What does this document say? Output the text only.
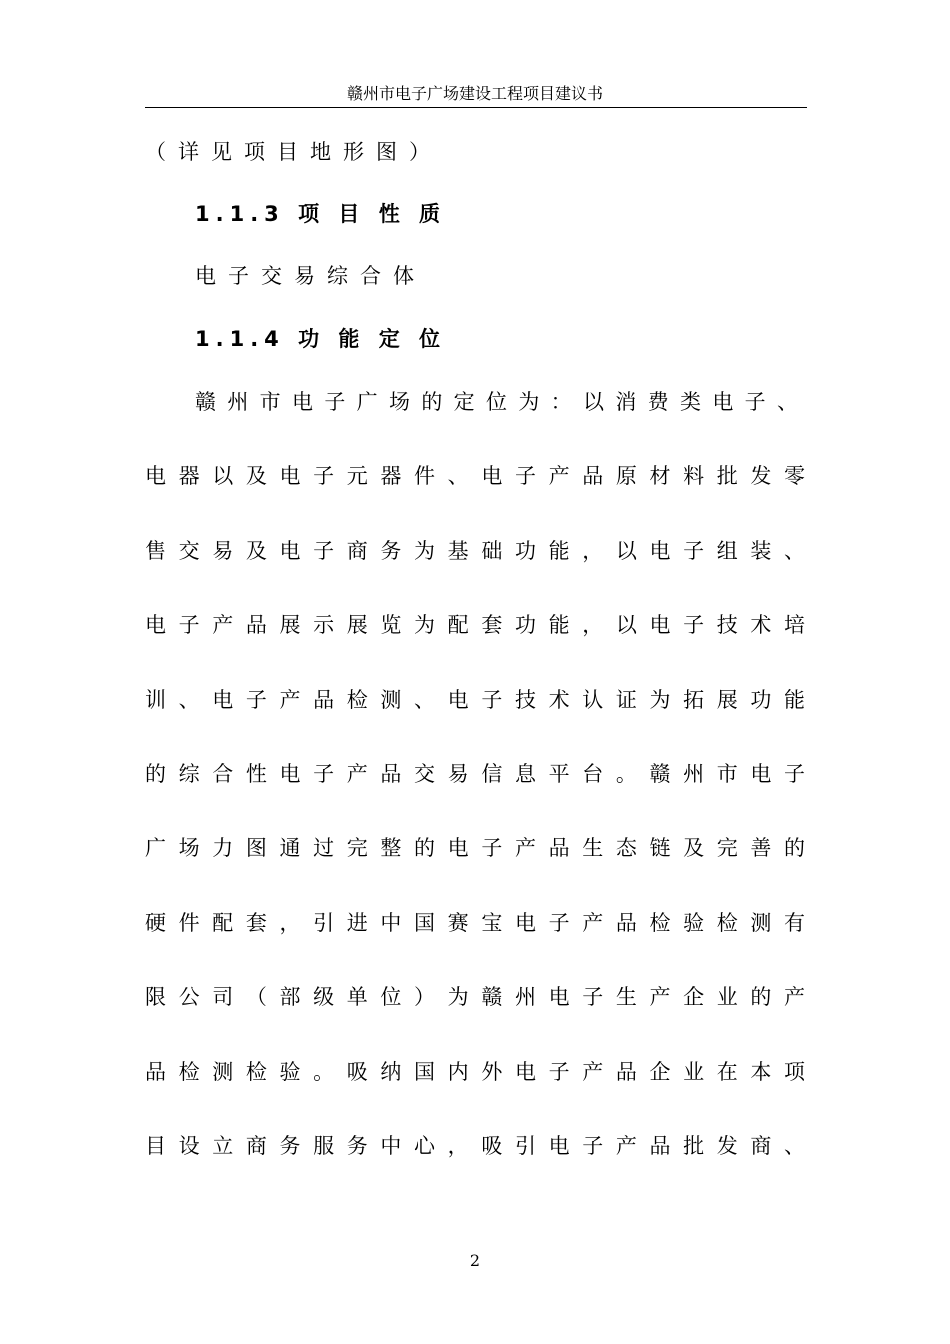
赣州市电子广场建设工程项目建议书
（详见项目地形图）
1.1.3 项 目 性 质
电子交易综合体
1.1.4 功 能 定 位
赣州市电子广场的定位为：以消费类电子、
电器以及电子元器件、电子产品原材料批发零
售交易及电子商务为基础功能，以电子组装、
电子产品展示展览为配套功能，以电子技术培
训、电子产品检测、电子技术认证为拓展功能
的综合性电子产品交易信息平台。赣州市电子
广场力图通过完整的电子产品生态链及完善的
硬件配套，引进中国赛宝电子产品检验检测有
限公司（部级单位）为赣州电子生产企业的产
品检测检验。吸纳国内外电子产品企业在本项
目设立商务服务中心，吸引电子产品批发商、
2
